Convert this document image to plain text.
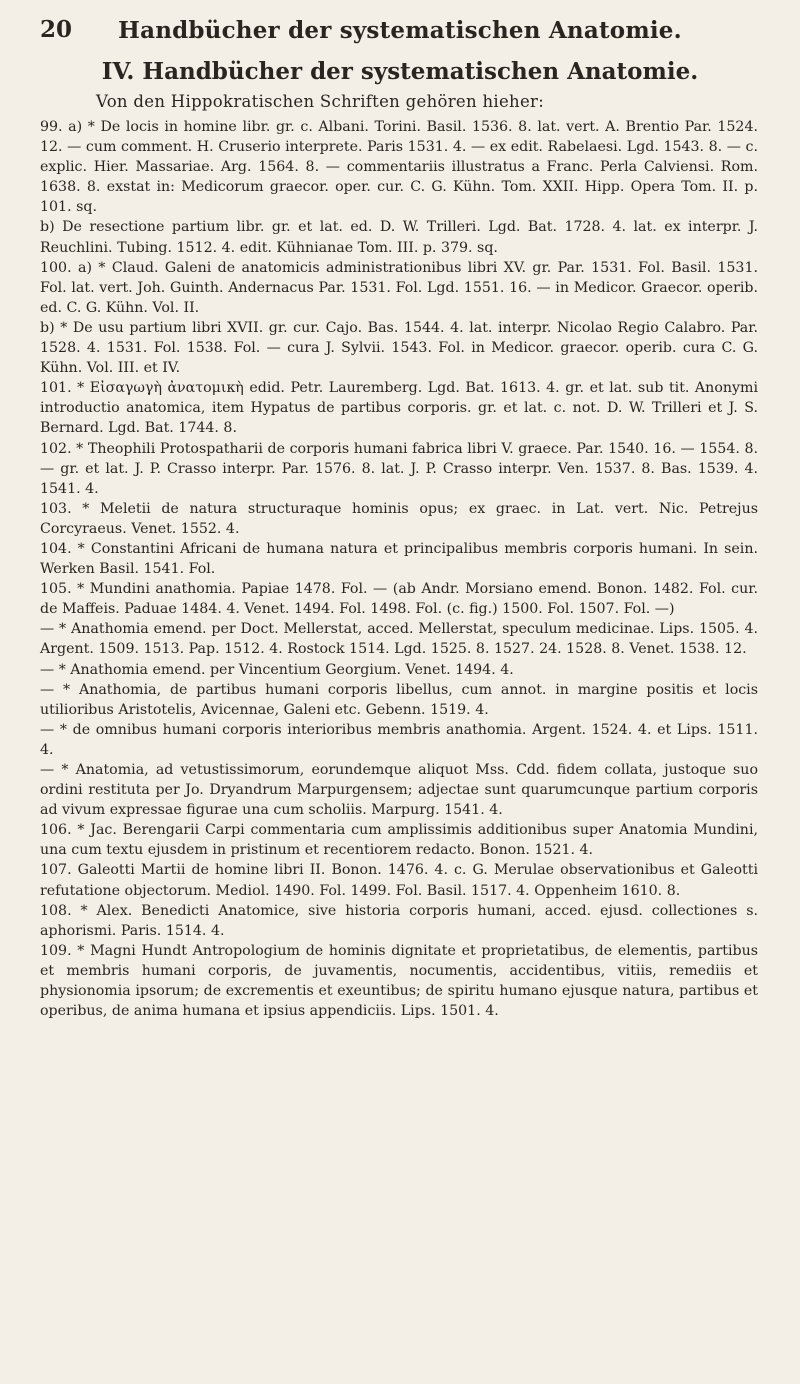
20	Handbücher der systematischen Anatomie.
IV. Handbücher der systematischen Anatomie.
Von den Hippokratischen Schriften gehören hieher:

99. a) * De locis in homine libr. gr. c. Albani. Torini. Basil. 1536. 8. lat. vert. A. Brentio Par. 1524. 12. — cum comment. H. Cruserio interprete. Paris 1531. 4. — ex edit. Rabelaesi. Lgd. 1543. 8. — c. explic. Hier. Massariae. Arg. 1564. 8. — commentariis illustratus a Franc. Perla Calviensi. Rom. 1638. 8. exstat in: Medicorum graecor. oper. cur. C. G. Kühn. Tom. XXII. Hipp. Opera Tom. II. p. 101. sq.

b) De resectione partium libr. gr. et lat. ed. D. W. Trilleri. Lgd. Bat. 1728. 4. lat. ex interpr. J. Reuchlini. Tubing. 1512. 4. edit. Kühnianae Tom. III. p. 379. sq.

100. a) * Claud. Galeni de anatomicis administrationibus libri XV. gr. Par. 1531. Fol. Basil. 1531. Fol. lat. vert. Joh. Guinth. Andernacus Par. 1531. Fol. Lgd. 1551. 16. — in Medicor. Graecor. operib. ed. C. G. Kühn. Vol. II.

b) * De usu partium libri XVII. gr. cur. Cajo. Bas. 1544. 4. lat. interpr. Nicolao Regio Calabro. Par. 1528. 4. 1531. Fol. 1538. Fol. — cura J. Sylvii. 1543. Fol. in Medicor. graecor. operib. cura C. G. Kühn. Vol. III. et IV.

101. * Εἰσαγωγὴ ἀνατομικὴ edid. Petr. Lauremberg. Lgd. Bat. 1613. 4. gr. et lat. sub tit. Anonymi introductio anatomica, item Hypatus de partibus corporis. gr. et lat. c. not. D. W. Trilleri et J. S. Bernard. Lgd. Bat. 1744. 8.

102. * Theophili Protospatharii de corporis humani fabrica libri V. graece. Par. 1540. 16. — 1554. 8. — gr. et lat. J. P. Crasso interpr. Par. 1576. 8. lat. J. P. Crasso interpr. Ven. 1537. 8. Bas. 1539. 4. 1541. 4.

103. * Meletii de natura structuraque hominis opus; ex graec. in Lat. vert. Nic. Petrejus Corcyraeus. Venet. 1552. 4.

104. * Constantini Africani de humana natura et principalibus membris corporis humani. In sein. Werken Basil. 1541. Fol.

105. * Mundini anathomia. Papiae 1478. Fol. — (ab Andr. Morsiano emend. Bonon. 1482. Fol. cur. de Maffeis. Paduae 1484. 4. Venet. 1494. Fol. 1498. Fol. (c. fig.) 1500. Fol. 1507. Fol. —)

— * Anathomia emend. per Doct. Mellerstat, acced. Mellerstat, speculum medicinae. Lips. 1505. 4. Argent. 1509. 1513. Pap. 1512. 4. Rostock 1514. Lgd. 1525. 8. 1527. 24. 1528. 8. Venet. 1538. 12.

— * Anathomia emend. per Vincentium Georgium. Venet. 1494. 4.

— * Anathomia, de partibus humani corporis libellus, cum annot. in margine positis et locis utilioribus Aristotelis, Avicennae, Galeni etc. Gebenn. 1519. 4.

— * de omnibus humani corporis interioribus membris anathomia. Argent. 1524. 4. et Lips. 1511. 4.

— * Anatomia, ad vetustissimorum, eorundemque aliquot Mss. Cdd. fidem collata, justoque suo ordini restituta per Jo. Dryandrum Marpurgensem; adjectae sunt quarumcunque partium corporis ad vivum expressae figurae una cum scholiis. Marpurg. 1541. 4.

106. * Jac. Berengarii Carpi commentaria cum amplissimis additionibus super Anatomia Mundini, una cum textu ejusdem in pristinum et recentiorem redacto. Bonon. 1521. 4.

107. Galeotti Martii de homine libri II. Bonon. 1476. 4. c. G. Merulae observationibus et Galeotti refutatione objectorum. Mediol. 1490. Fol. 1499. Fol. Basil. 1517. 4. Oppenheim 1610. 8.

108. * Alex. Benedicti Anatomice, sive historia corporis humani, acced. ejusd. collectiones s. aphorismi. Paris. 1514. 4.

109. * Magni Hundt Antropologium de hominis dignitate et proprietatibus, de elementis, partibus et membris humani corporis, de juvamentis, nocumentis, accidentibus, vitiis, remediis et physionomia ipsorum; de excrementis et exeuntibus; de spiritu humano ejusque natura, partibus et operibus, de anima humana et ipsius appendiciis. Lips. 1501. 4.
